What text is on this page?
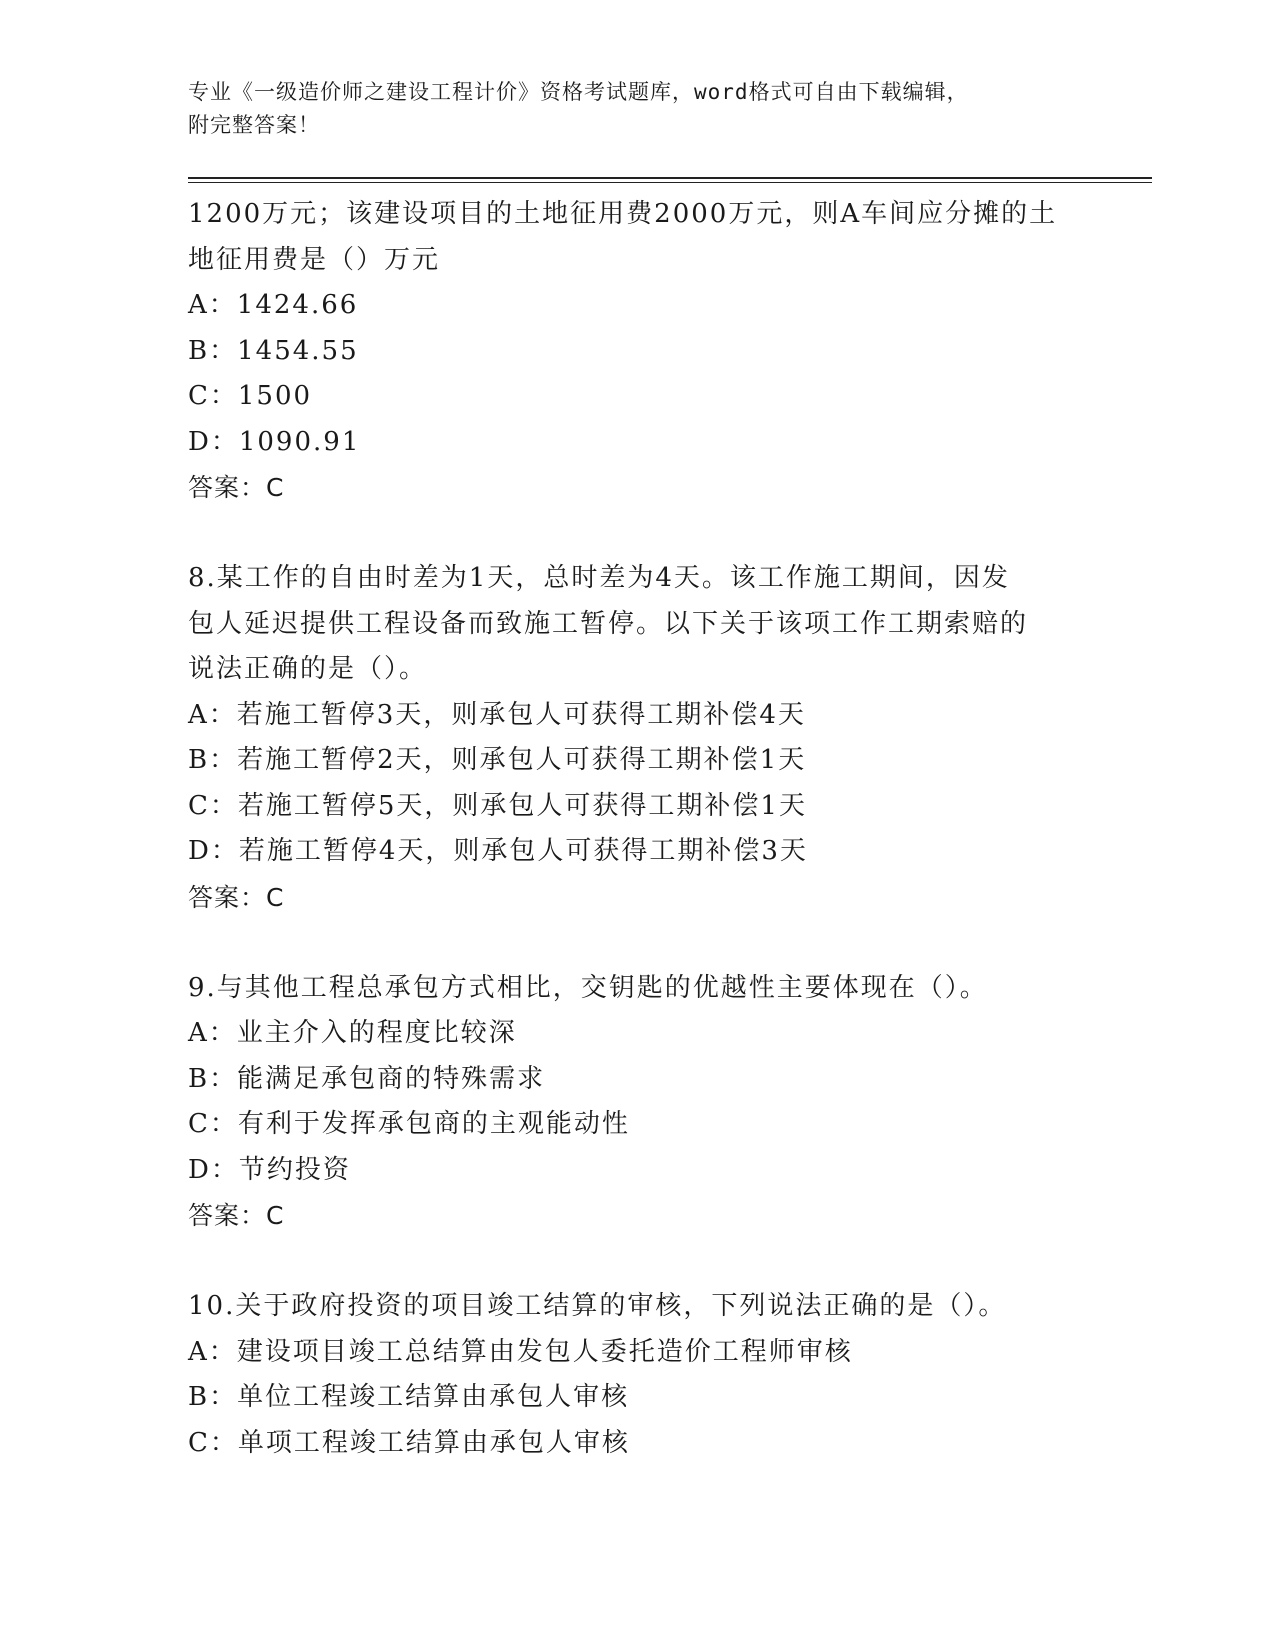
专业《一级造价师之建设工程计价》资格考试题库，word格式可自由下载编辑，
附完整答案！
1200万元；该建设项目的土地征用费2000万元，则A车间应分摊的土
地征用费是（）万元
A：1424.66
B：1454.55
C：1500
D：1090.91
答案：C
8.某工作的自由时差为1天，总时差为4天。该工作施工期间，因发
包人延迟提供工程设备而致施工暂停。以下关于该项工作工期索赔的
说法正确的是（）。
A：若施工暂停3天，则承包人可获得工期补偿4天
B：若施工暂停2天，则承包人可获得工期补偿1天
C：若施工暂停5天，则承包人可获得工期补偿1天
D：若施工暂停4天，则承包人可获得工期补偿3天
答案：C
9.与其他工程总承包方式相比，交钥匙的优越性主要体现在（）。
A：业主介入的程度比较深
B：能满足承包商的特殊需求
C：有利于发挥承包商的主观能动性
D：节约投资
答案：C
10.关于政府投资的项目竣工结算的审核，下列说法正确的是（）。
A：建设项目竣工总结算由发包人委托造价工程师审核
B：单位工程竣工结算由承包人审核
C：单项工程竣工结算由承包人审核
